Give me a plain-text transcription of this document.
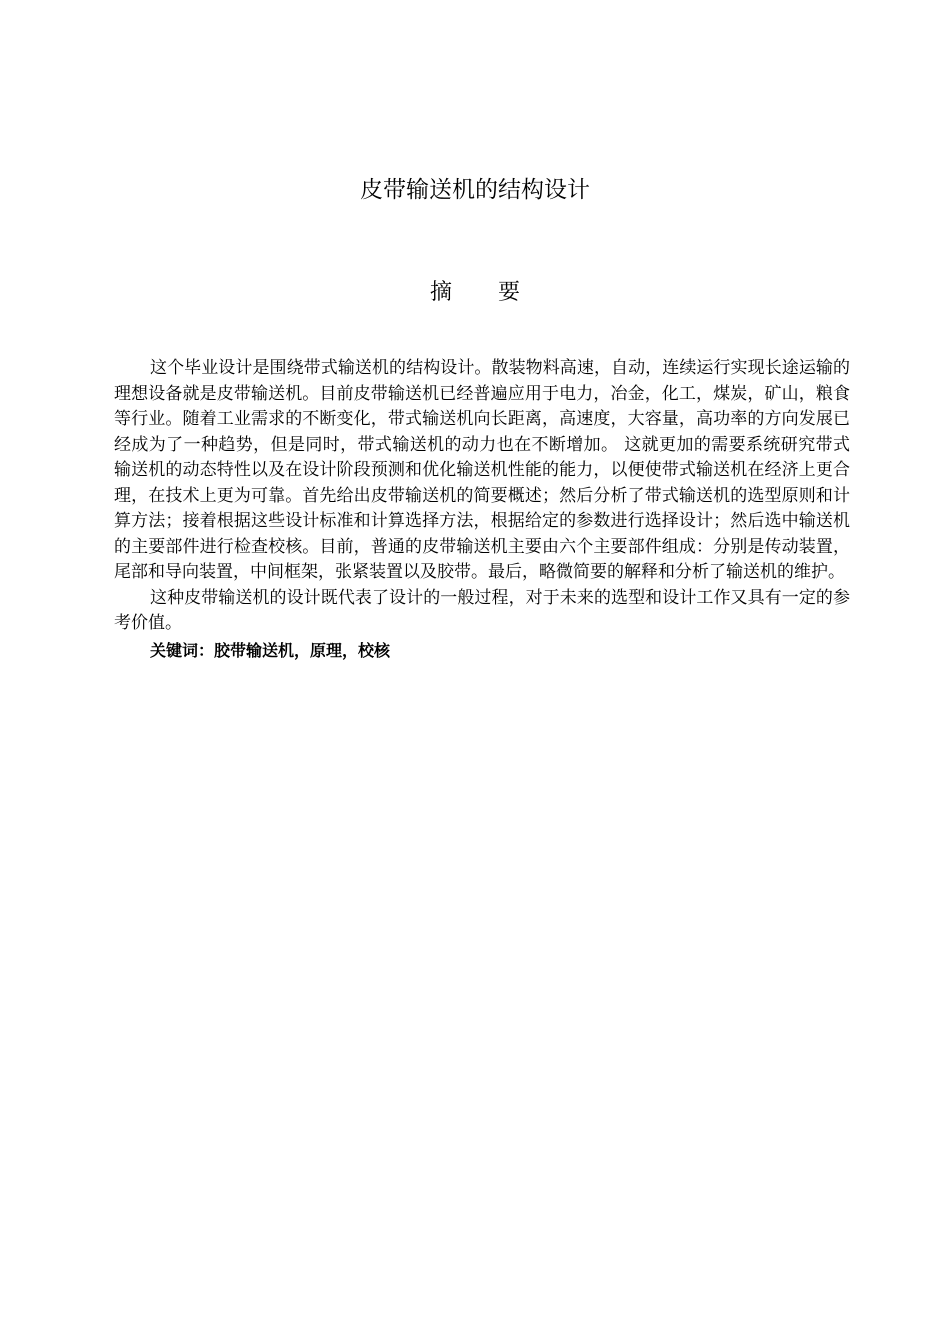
皮带输送机的结构设计
摘要

这个毕业设计是围绕带式输送机的结构设计。散装物料高速，自动，连续运行实现长途运输的理想设备就是皮带输送机。目前皮带输送机已经普遍应用于电力，冶金，化工，煤炭，矿山，粮食等行业。随着工业需求的不断变化，带式输送机向长距离，高速度，大容量，高功率的方向发展已经成为了一种趋势，但是同时，带式输送机的动力也在不断增加。 这就更加的需要系统研究带式输送机的动态特性以及在设计阶段预测和优化输送机性能的能力，以便使带式输送机在经济上更合理，在技术上更为可靠。首先给出皮带输送机的简要概述；然后分析了带式输送机的选型原则和计算方法；接着根据这些设计标准和计算选择方法，根据给定的参数进行选择设计；然后选中输送机的主要部件进行检查校核。目前，普通的皮带输送机主要由六个主要部件组成：分别是传动装置，尾部和导向装置，中间框架，张紧装置以及胶带。最后，略微简要的解释和分析了输送机的维护。

这种皮带输送机的设计既代表了设计的一般过程，对于未来的选型和设计工作又具有一定的参考价值。

关键词：胶带输送机，原理，校核
